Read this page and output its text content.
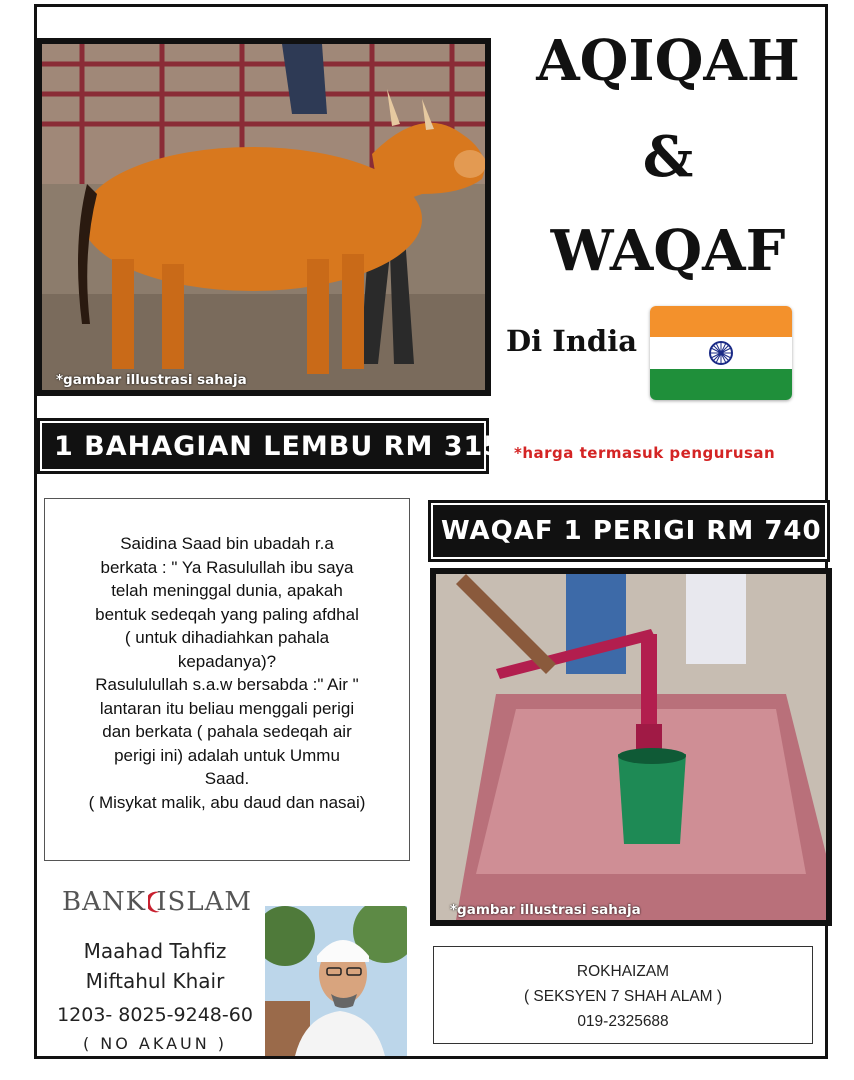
*gambar illustrasi sahaja
AQIQAH
&
WAQAF
Di India
1 BAHAGIAN LEMBU RM 315 *harga termasuk pengurusan
Saidina Saad bin ubadah r.a
berkata : " Ya Rasulullah ibu saya
telah meninggal dunia, apakah
bentuk sedeqah yang paling afdhal
( untuk dihadiahkan pahala
kepadanya)?
Rasululullah s.a.w bersabda :" Air "
lantaran itu beliau menggali perigi
dan berkata ( pahala sedeqah air
perigi ini) adalah untuk Ummu
Saad.
( Misykat malik, abu daud dan nasai)
WAQAF 1 PERIGI RM 740
*gambar illustrasi sahaja
BANK ISLAM
Maahad Tahfiz
Miftahul Khair
1203- 8025-9248-60
( NO AKAUN )
ROKHAIZAM
( SEKSYEN 7 SHAH ALAM )
019-2325688
